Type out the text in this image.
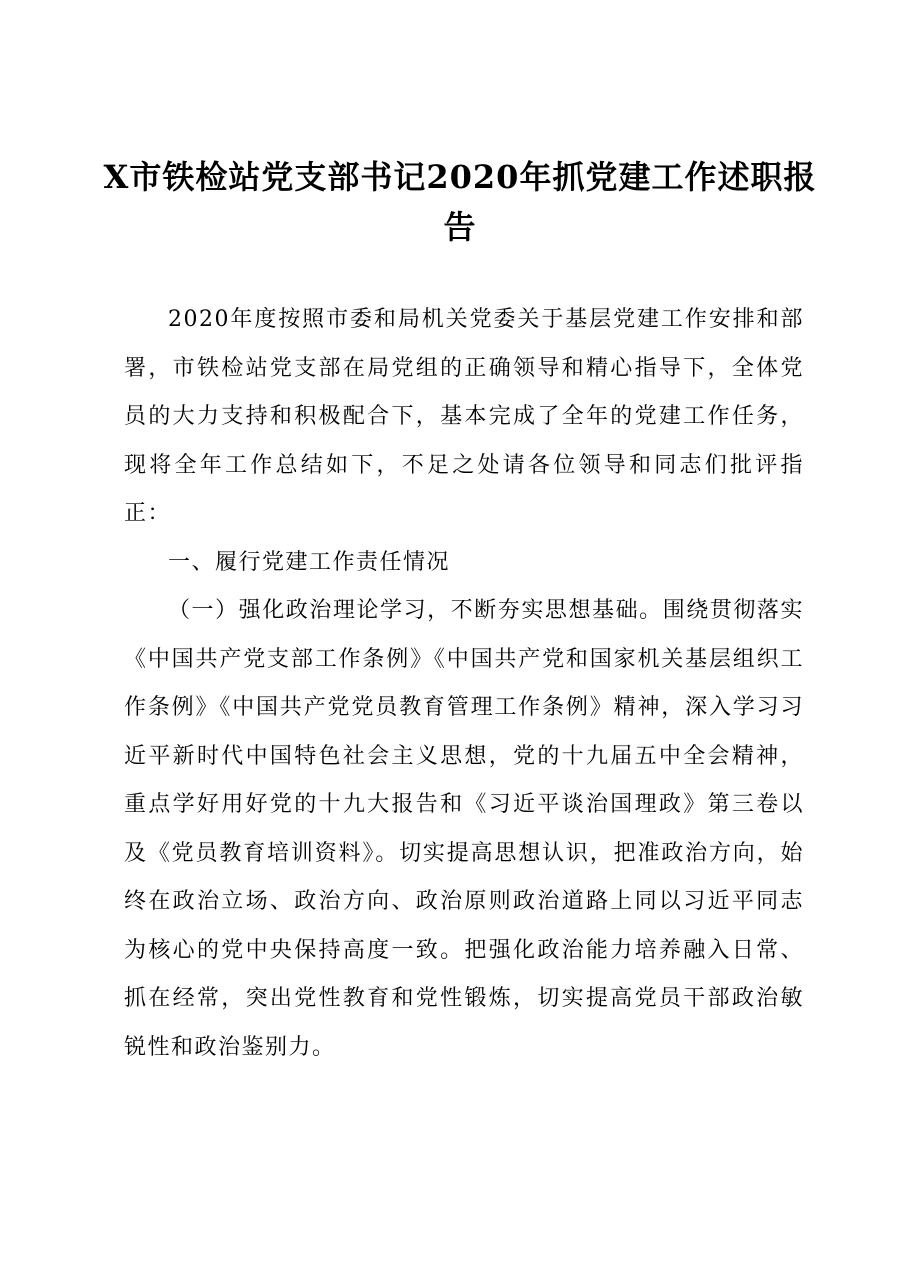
X市铁检站党支部书记2020年抓党建工作述职报告

2020年度按照市委和局机关党委关于基层党建工作安排和部署，市铁检站党支部在局党组的正确领导和精心指导下，全体党员的大力支持和积极配合下，基本完成了全年的党建工作任务，现将全年工作总结如下，不足之处请各位领导和同志们批评指正：

一、履行党建工作责任情况

（一）强化政治理论学习，不断夯实思想基础。围绕贯彻落实《中国共产党支部工作条例》《中国共产党和国家机关基层组织工作条例》《中国共产党党员教育管理工作条例》精神，深入学习习近平新时代中国特色社会主义思想，党的十九届五中全会精神，重点学好用好党的十九大报告和《习近平谈治国理政》第三卷以及《党员教育培训资料》。切实提高思想认识，把准政治方向，始终在政治立场、政治方向、政治原则政治道路上同以习近平同志为核心的党中央保持高度一致。把强化政治能力培养融入日常、抓在经常，突出党性教育和党性锻炼，切实提高党员干部政治敏锐性和政治鉴别力。
